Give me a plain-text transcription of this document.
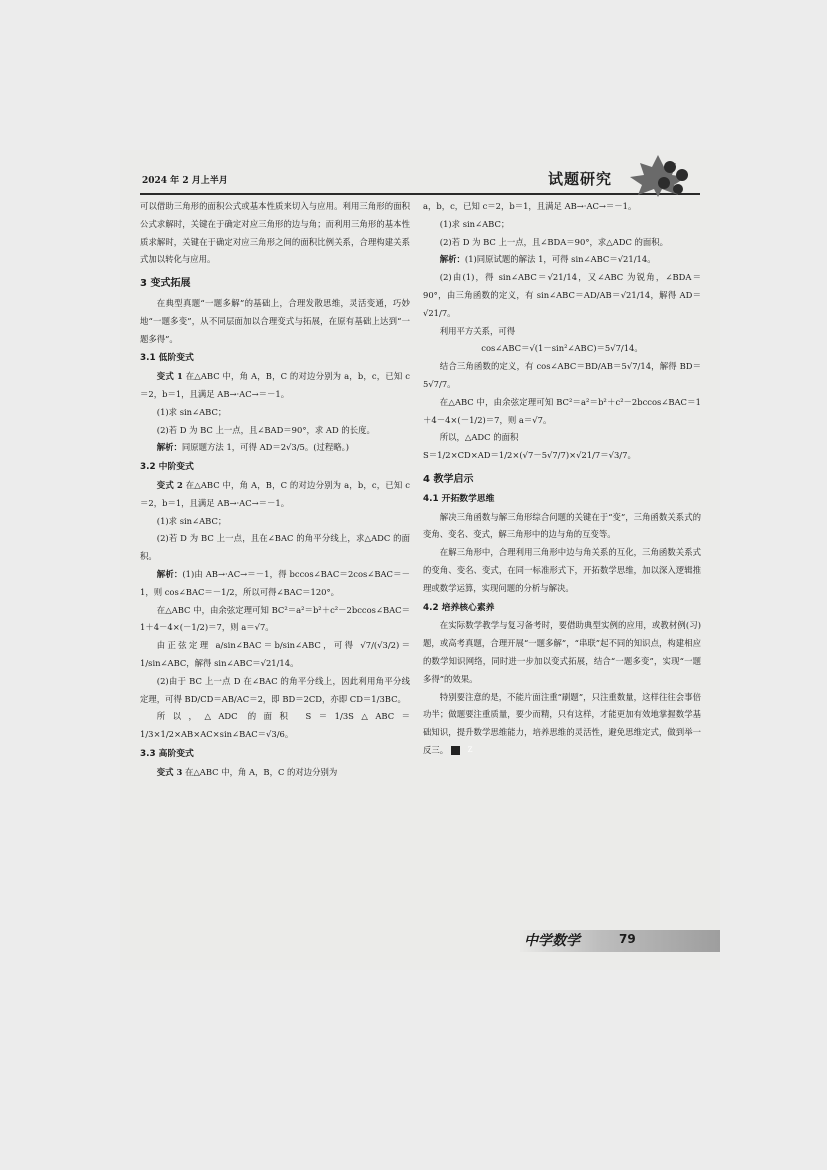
2024 年 2 月上半月	试题研究

可以借助三角形的面积公式或基本性质来切入与应用。利用三角形的面积公式求解时，关键在于确定对应三角形的边与角；而利用三角形的基本性质求解时，关键在于确定对应三角形之间的面积比例关系，合理构建关系式加以转化与应用。

3 变式拓展

在典型真题“一题多解”的基础上，合理发散思维，灵活变通，巧妙地“一题多变”，从不同层面加以合理变式与拓展，在原有基础上达到“一题多得”。

3.1 低阶变式

变式 1 在△ABC 中，角 A，B，C 的对边分别为 a，b，c，已知 c＝2，b＝1，且满足 AB→·AC→＝－1。

(1)求 sin∠ABC；

(2)若 D 为 BC 上一点，且∠BAD＝90°，求 AD 的长度。

解析：同原题方法 1，可得 AD＝2√3/5。(过程略。)

3.2 中阶变式

变式 2 在△ABC 中，角 A，B，C 的对边分别为 a，b，c，已知 c＝2，b＝1，且满足 AB→·AC→＝－1。

(1)求 sin∠ABC；

(2)若 D 为 BC 上一点，且在∠BAC 的角平分线上，求△ADC 的面积。

解析：(1)由 AB→·AC→＝－1，得 bccos∠BAC＝2cos∠BAC＝－1，则 cos∠BAC＝－1/2，所以可得∠BAC＝120°。

在△ABC 中，由余弦定理可知 BC²＝a²＝b²＋c²－2bccos∠BAC＝1＋4－4×(－1/2)＝7，则 a＝√7。

由正弦定理 a/sin∠BAC＝b/sin∠ABC，可得 √7/(√3/2)＝1/sin∠ABC，解得 sin∠ABC＝√21/14。

(2)由于 BC 上一点 D 在∠BAC 的角平分线上，因此利用角平分线定理，可得 BD/CD＝AB/AC＝2，即 BD＝2CD，亦即 CD＝1/3BC。

所以，△ADC 的面积 S＝1/3S△ABC＝1/3×1/2×AB×AC×sin∠BAC＝√3/6。

3.3 高阶变式

变式 3 在△ABC 中，角 A，B，C 的对边分别为

a，b，c，已知 c＝2，b＝1，且满足 AB→·AC→＝－1。

(1)求 sin∠ABC；

(2)若 D 为 BC 上一点，且∠BDA＝90°，求△ADC 的面积。

解析：(1)同原试题的解法 1，可得 sin∠ABC＝√21/14。

(2)由(1)，得 sin∠ABC＝√21/14，又∠ABC 为锐角，∠BDA＝90°，由三角函数的定义，有 sin∠ABC＝AD/AB＝√21/14，解得 AD＝√21/7。

利用平方关系，可得

cos∠ABC＝√(1－sin²∠ABC)＝5√7/14。

结合三角函数的定义，有 cos∠ABC＝BD/AB＝5√7/14，解得 BD＝5√7/7。

在△ABC 中，由余弦定理可知 BC²＝a²＝b²＋c²－2bccos∠BAC＝1＋4－4×(－1/2)＝7，则 a＝√7。

所以，△ADC 的面积

S＝1/2×CD×AD＝1/2×(√7－5√7/7)×√21/7＝√3/7。

4 教学启示
4.1 开拓数学思维

解决三角函数与解三角形综合问题的关键在于“变”，三角函数关系式的变角、变名、变式，解三角形中的边与角的互变等。

在解三角形中，合理利用三角形中边与角关系的互化，三角函数关系式的变角、变名、变式，在同一标准形式下，开拓数学思维，加以深入逻辑推理或数学运算，实现问题的分析与解决。

4.2 培养核心素养

在实际数学教学与复习备考时，要借助典型实例的应用，或教材例(习)题，或高考真题，合理开展“一题多解”，“串联”起不同的知识点，构建相应的数学知识网络，同时进一步加以变式拓展，结合“一题多变”，实现“一题多得”的效果。

特别要注意的是，不能片面注重“刷题”，只注重数量，这样往往会事倍功半；做题要注重质量，要少而精，只有这样，才能更加有效地掌握数学基础知识，提升数学思维能力，培养思维的灵活性，避免思维定式，做到举一反三。	Z

中学数学	79
